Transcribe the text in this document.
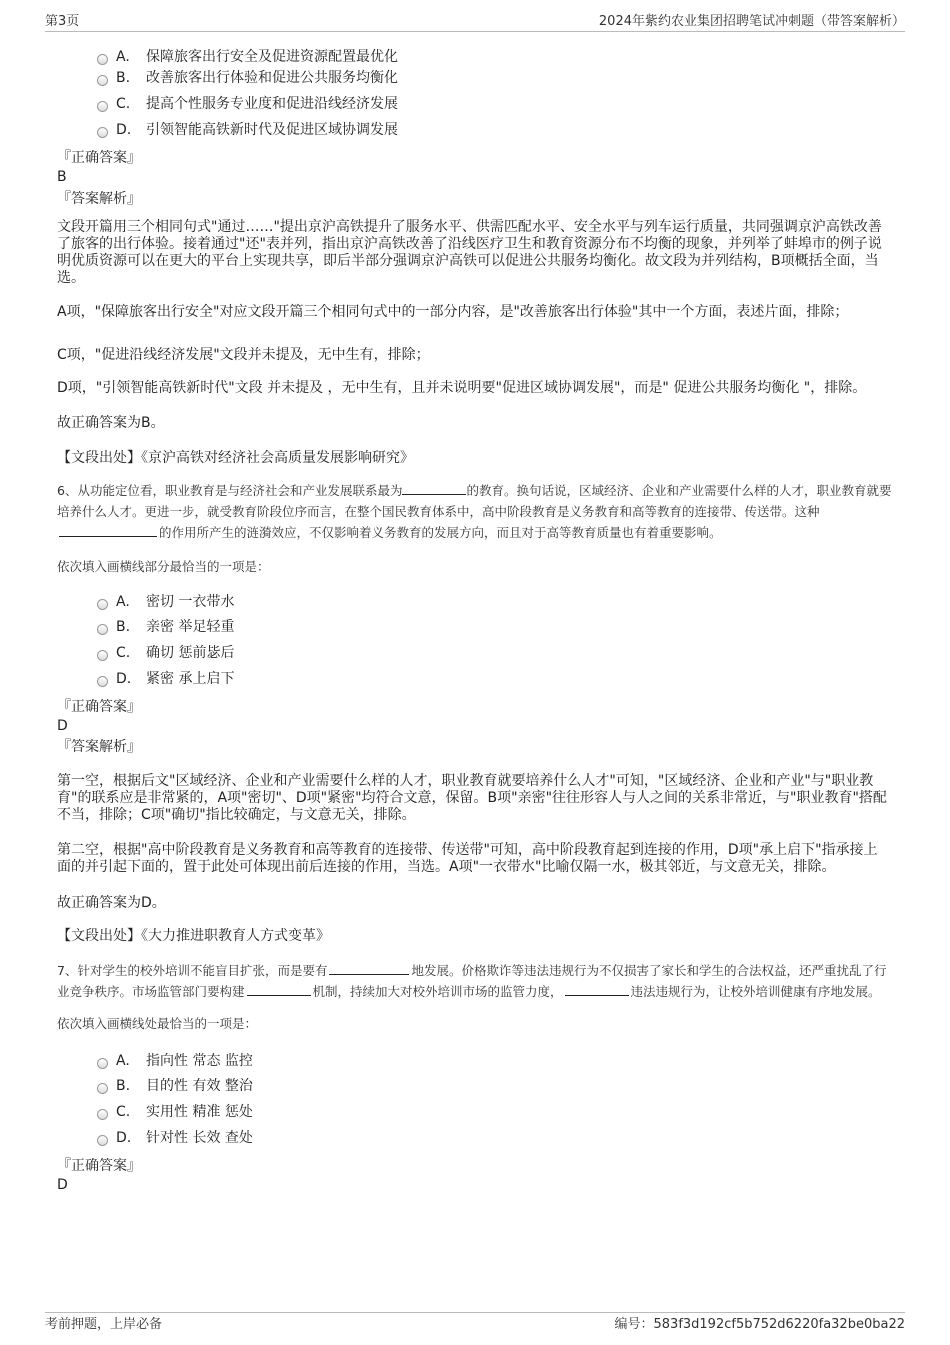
第3页	2024年紫约农业集团招聘笔试冲刺题（带答案解析）
A. 保障旅客出行安全及促进资源配置最优化
B. 改善旅客出行体验和促进公共服务均衡化
C. 提高个性服务专业度和促进沿线经济发展
D. 引领智能高铁新时代及促进区域协调发展
『正确答案』
B
『答案解析』
文段开篇用三个相同句式"通过……"提出京沪高铁提升了服务水平、供需匹配水平、安全水平与列车运行质量，共同强调京沪高铁改善了旅客的出行体验。接着通过"还"表并列，指出京沪高铁改善了沿线医疗卫生和教育资源分布不均衡的现象，并列举了蚌埠市的例子说明优质资源可以在更大的平台上实现共享，即后半部分强调京沪高铁可以促进公共服务均衡化。故文段为并列结构，B项概括全面，当选。
A项，"保障旅客出行安全"对应文段开篇三个相同句式中的一部分内容，是"改善旅客出行体验"其中一个方面，表述片面，排除；
C项，"促进沿线经济发展"文段并未提及，无中生有，排除；
D项，"引领智能高铁新时代"文段 并未提及 ，无中生有，且并未说明要"促进区域协调发展"，而是" 促进公共服务均衡化 "，排除。
故正确答案为B。
【文段出处】《京沪高铁对经济社会高质量发展影响研究》
6、从功能定位看，职业教育是与经济社会和产业发展联系最为	的教育。换句话说，区域经济、企业和产业需要什么样的人才，职业教育就要培养什么人才。更进一步，就受教育阶段位序而言，在整个国民教育体系中，高中阶段教育是义务教育和高等教育的连接带、传送带。这种的作用所产生的涟漪效应，不仅影响着义务教育的发展方向，而且对于高等教育质量也有着重要影响。
依次填入画横线部分最恰当的一项是：
A. 密切 一衣带水
B. 亲密 举足轻重
C. 确切 惩前毖后
D. 紧密 承上启下
『正确答案』
D
『答案解析』
第一空，根据后文"区域经济、企业和产业需要什么样的人才，职业教育就要培养什么人才"可知，"区域经济、企业和产业"与"职业教育"的联系应是非常紧的，A项"密切"、D项"紧密"均符合文意，保留。B项"亲密"往往形容人与人之间的关系非常近，与"职业教育"搭配不当，排除；C项"确切"指比较确定，与文意无关，排除。
第二空，根据"高中阶段教育是义务教育和高等教育的连接带、传送带"可知，高中阶段教育起到连接的作用，D项"承上启下"指承接上面的并引起下面的，置于此处可体现出前后连接的作用，当选。A项"一衣带水"比喻仅隔一水，极其邻近，与文意无关，排除。
故正确答案为D。
【文段出处】《大力推进职教育人方式变革》
7、针对学生的校外培训不能盲目扩张，而是要有	地发展。价格欺诈等违法违规行为不仅损害了家长和学生的合法权益，还严重扰乱了行业竞争秩序。市场监管部门要构建	机制，持续加大对校外培训市场的监管力度，	违法违规行为，让校外培训健康有序地发展。
依次填入画横线处最恰当的一项是：
A. 指向性 常态 监控
B. 目的性 有效 整治
C. 实用性 精准 惩处
D. 针对性 长效 查处
『正确答案』
D
考前押题，上岸必备	编号：583f3d192cf5b752d6220fa32be0ba22
